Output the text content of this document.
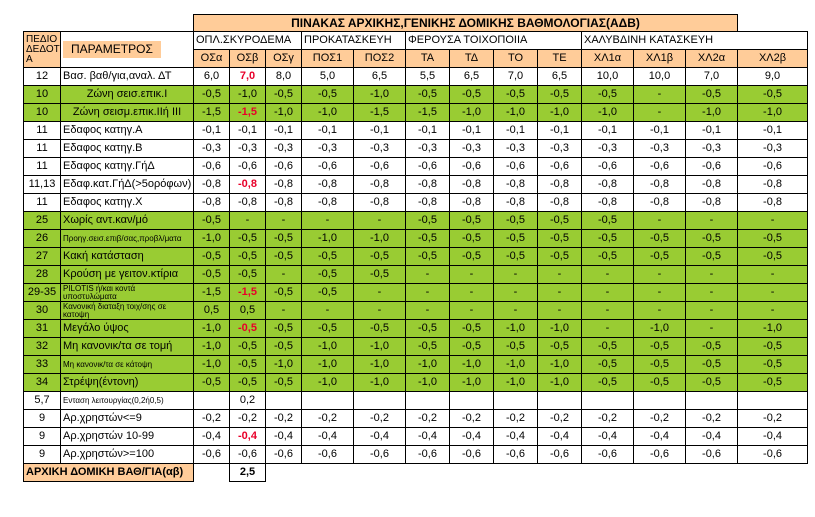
		ΠΙΝΑΚΑΣ ΑΡΧΙΚΗΣ,ΓΕΝΙΚΗΣ ΔΟΜΙΚΗΣ ΒΑΘΜΟΛΟΓΙΑΣ(ΑΔΒ)													
ΠΕΔΙΟ ΔΕΔΟΤ Α	ΠΑΡΑΜΕΤΡΟΣ	ΟΠΛ.ΣΚΥΡΟΔΕΜΑ			ΠΡΟΚΑΤΑΣΚΕΥΗ		ΦΕΡΟΥΣΑ ΤΟΙΧΟΠΟΙΙΑ				ΧΑΛΥΒΔΙΝΗ ΚΑΤΑΣΚΕΥΗ				
		ΟΣα	ΟΣβ	ΟΣγ	ΠΟΣ1	ΠΟΣ2	ΤΑ	ΤΔ	ΤΟ	ΤΕ	ΧΛ1α	ΧΛ1β	ΧΛ2α	ΧΛ2β	
12	Βασ. βαθ/για,αναλ. ΔΤ	6,0	7,0	8,0	5,0	6,5	5,5	6,5	7,0	6,5	10,0	10,0	7,0	9,0	
10	Ζώνη σεισ.επικ.Ι	-0,5	-1,0	-0,5	-0,5	-1,0	-0,5	-0,5	-0,5	-0,5	-0,5	-	-0,5	-0,5	
10	Ζώνη σεισμ.επικ.ΙΙή ΙΙΙ	-1,5	-1,5	-1,0	-1,0	-1,5	-1,5	-1,0	-1,0	-1,0	-1,0	-	-1,0	-1,0	
11	Εδαφος κατηγ.Α	-0,1	-0,1	-0,1	-0,1	-0,1	-0,1	-0,1	-0,1	-0,1	-0,1	-0,1	-0,1	-0,1	
11	Εδαφος κατηγ.Β	-0,3	-0,3	-0,3	-0,3	-0,3	-0,3	-0,3	-0,3	-0,3	-0,3	-0,3	-0,3	-0,3	
11	Εδαφος κατηγ.ΓήΔ	-0,6	-0,6	-0,6	-0,6	-0,6	-0,6	-0,6	-0,6	-0,6	-0,6	-0,6	-0,6	-0,6	
11,13	Εδαφ.κατ.ΓήΔ(>5ορόφων)	-0,8	-0,8	-0,8	-0,8	-0,8	-0,8	-0,8	-0,8	-0,8	-0,8	-0,8	-0,8	-0,8	
11	Εδαφος κατηγ.Χ	-0,8	-0,8	-0,8	-0,8	-0,8	-0,8	-0,8	-0,8	-0,8	-0,8	-0,8	-0,8	-0,8	
25	Χωρίς αντ.καν/μό	-0,5	-	-	-	-	-0,5	-0,5	-0,5	-0,5	-0,5	-	-	-	
26	Προηγ.σεισ.επιβ/σας,προβλ/ματα	-1,0	-0,5	-0,5	-1,0	-1,0	-0,5	-0,5	-0,5	-0,5	-0,5	-0,5	-0,5	-0,5	
27	Κακή κατάσταση	-0,5	-0,5	-0,5	-0,5	-0,5	-0,5	-0,5	-0,5	-0,5	-0,5	-0,5	-0,5	-0,5	
28	Κρούση με γειτον.κτίρια	-0,5	-0,5	-	-0,5	-0,5	-	-	-	-	-	-	-	-	
29-35	PILOTIS ή/και κοντά υποστυλώματα	-1,5	-1,5	-0,5	-0,5	-	-	-	-	-	-	-	-	-	
30	Κανονική διαταξη τοιχ/σης σε κατοψη	0,5	0,5	-	-	-	-	-	-	-	-	-	-	-	
31	Μεγάλο ύψος	-1,0	-0,5	-0,5	-0,5	-0,5	-0,5	-0,5	-1,0	-1,0	-	-1,0	-	-1,0	
32	Μη κανονικ/τα σε τομή	-1,0	-0,5	-0,5	-1,0	-1,0	-0,5	-0,5	-0,5	-0,5	-0,5	-0,5	-0,5	-0,5	
33	Μη κανονικ/τα σε κάτοψη	-1,0	-0,5	-1,0	-1,0	-1,0	-1,0	-1,0	-1,0	-1,0	-0,5	-0,5	-0,5	-0,5	
34	Στρέψη(έντονη)	-0,5	-0,5	-0,5	-1,0	-1,0	-1,0	-1,0	-1,0	-1,0	-0,5	-0,5	-0,5	-0,5	
5,7	Ενταση λειτουργίας(0,2ή0,5)		0,2												
9	Αρ.χρηστών<=9	-0,2	-0,2	-0,2	-0,2	-0,2	-0,2	-0,2	-0,2	-0,2	-0,2	-0,2	-0,2	-0,2	
9	Αρ.χρηστών 10-99	-0,4	-0,4	-0,4	-0,4	-0,4	-0,4	-0,4	-0,4	-0,4	-0,4	-0,4	-0,4	-0,4	
9	Αρ.χρηστών>=100	-0,6	-0,6	-0,6	-0,6	-0,6	-0,6	-0,6	-0,6	-0,6	-0,6	-0,6	-0,6	-0,6	
ΑΡΧΙΚΗ ΔΟΜΙΚΗ ΒΑΘ/ΓΙΑ(αβ)			2,5												
